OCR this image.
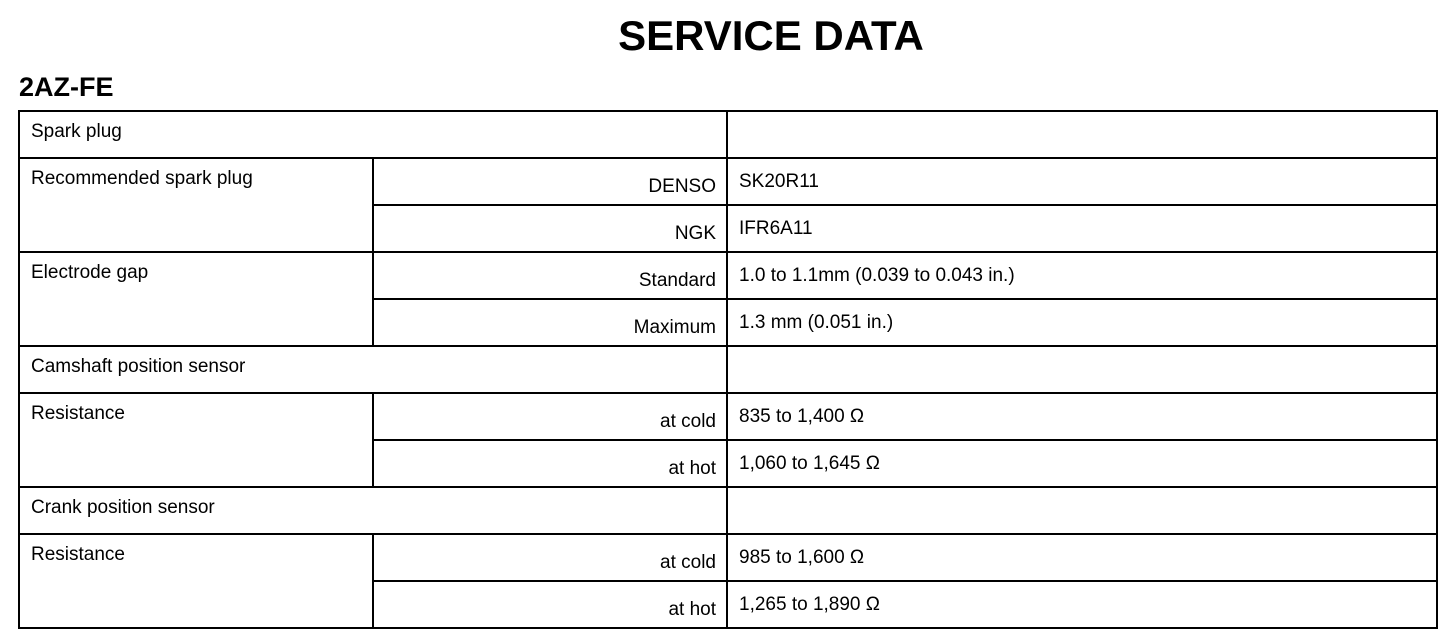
SERVICE DATA
2AZ-FE
Spark plug		
Recommended spark plug	DENSO	SK20R11
	NGK	IFR6A11
Electrode gap	Standard	1.0 to 1.1mm (0.039 to 0.043 in.)
	Maximum	1.3 mm (0.051 in.)
Camshaft position sensor		
Resistance	at cold	835 to 1,400 Ω
	at hot	1,060 to 1,645 Ω
Crank position sensor		
Resistance	at cold	985 to 1,600 Ω
	at hot	1,265 to 1,890 Ω
